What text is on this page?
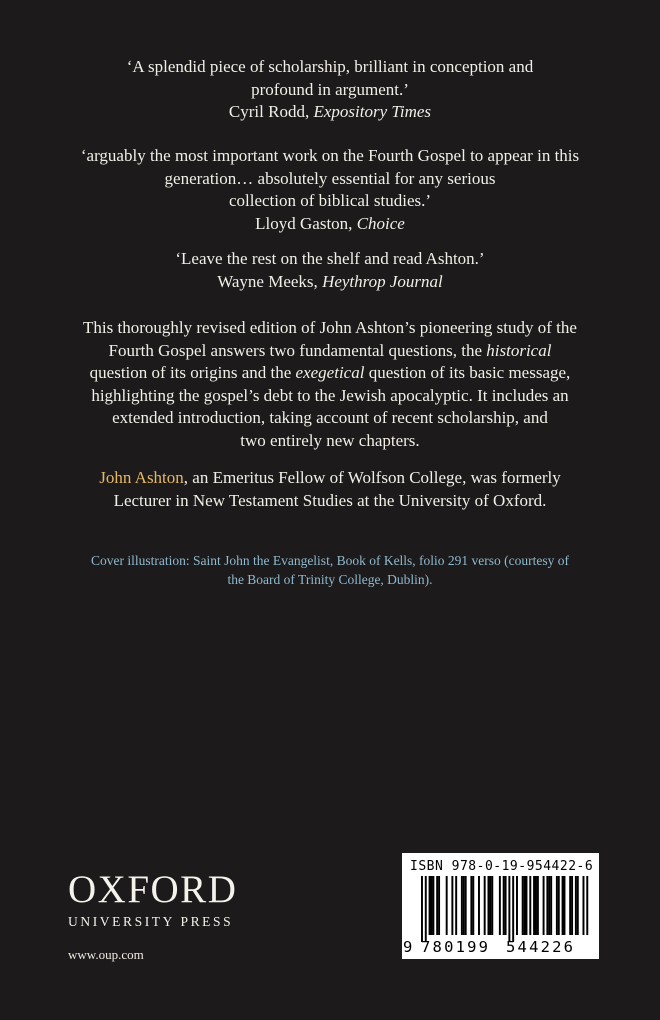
‘A splendid piece of scholarship, brilliant in conception and

profound in argument.’

Cyril Rodd, Expository Times

‘arguably the most important work on the Fourth Gospel to appear in this

generation… absolutely essential for any serious

collection of biblical studies.’

Lloyd Gaston, Choice

‘Leave the rest on the shelf and read Ashton.’

Wayne Meeks, Heythrop Journal

This thoroughly revised edition of John Ashton’s pioneering study of the

Fourth Gospel answers two fundamental questions, the historical

question of its origins and the exegetical question of its basic message,

highlighting the gospel’s debt to the Jewish apocalyptic. It includes an

extended introduction, taking account of recent scholarship, and

two entirely new chapters.

John Ashton, an Emeritus Fellow of Wolfson College, was formerly

Lecturer in New Testament Studies at the University of Oxford.

Cover illustration: Saint John the Evangelist, Book of Kells, folio 291 verso (courtesy of

the Board of Trinity College, Dublin).

OXFORD
UNIVERSITY PRESS
www.oup.com
ISBN 978-0-19-954422-6
9 780199 544226
